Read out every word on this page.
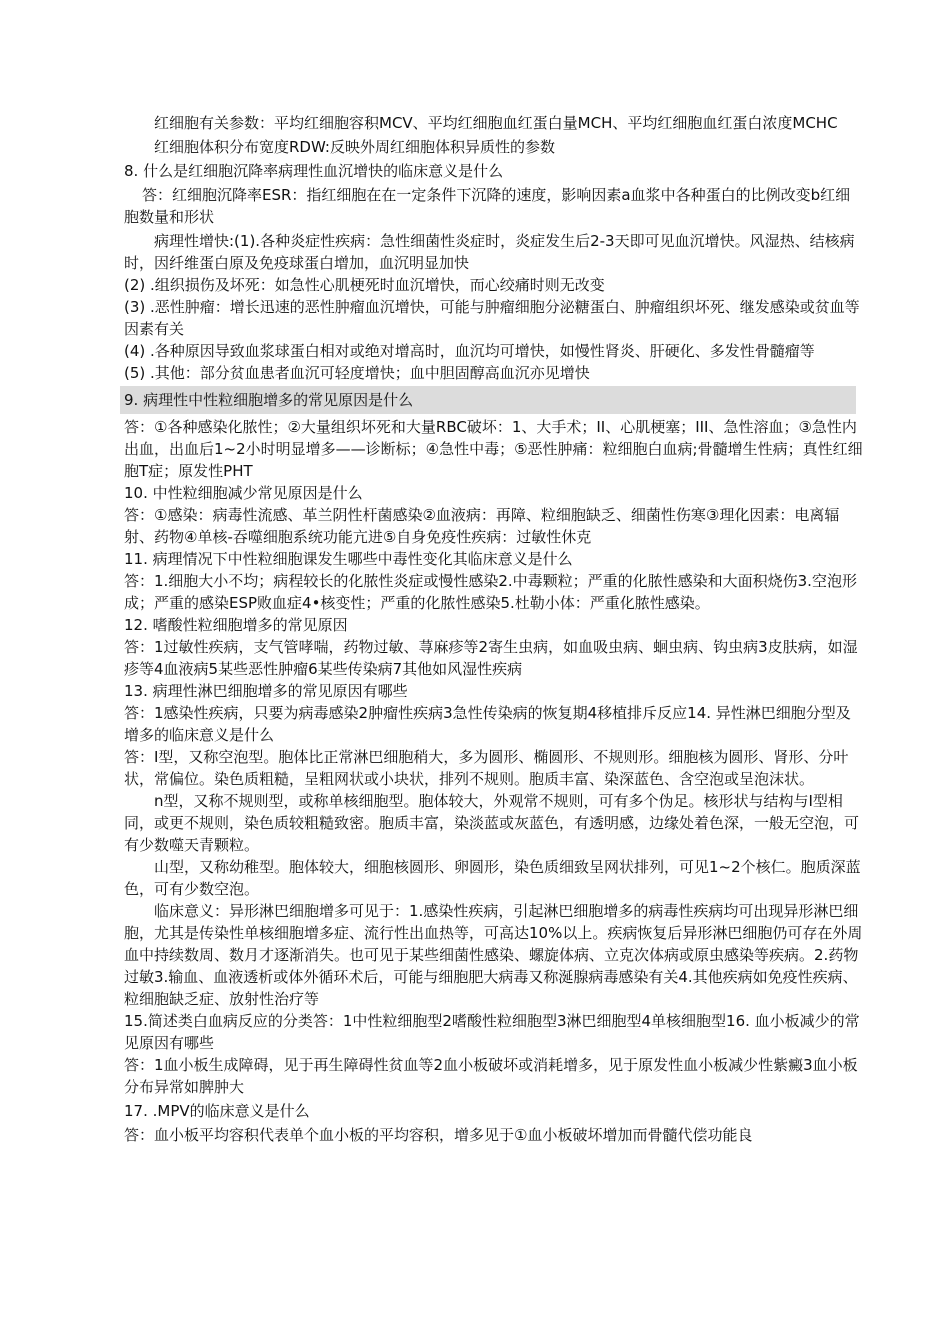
红细胞有关参数：平均红细胞容积MCV、平均红细胞血红蛋白量MCH、平均红细胞血红蛋白浓度MCHC

红细胞体积分布宽度RDW:反映外周红细胞体积异质性的参数

8. 什么是红细胞沉降率病理性血沉增快的临床意义是什么

答：红细胞沉降率ESR：指红细胞在在一定条件下沉降的速度，影响因素a血浆中各种蛋白的比例改变b红细胞数量和形状

病理性增快:(1).各种炎症性疾病：急性细菌性炎症时，炎症发生后2-3天即可见血沉增快。风湿热、结核病时，因纤维蛋白原及免疫球蛋白增加，血沉明显加快

(2) .组织损伤及坏死：如急性心肌梗死时血沉增快，而心绞痛时则无改变

(3) .恶性肿瘤：增长迅速的恶性肿瘤血沉增快，可能与肿瘤细胞分泌糖蛋白、肿瘤组织坏死、继发感染或贫血等因素有关

(4) .各种原因导致血浆球蛋白相对或绝对增高时，血沉均可增快，如慢性肾炎、肝硬化、多发性骨髓瘤等

(5) .其他：部分贫血患者血沉可轻度增快；血中胆固醇高血沉亦见增快

9. 病理性中性粒细胞增多的常见原因是什么

答：①各种感染化脓性；②大量组织坏死和大量RBC破坏：1、大手术；II、心肌梗塞；III、急性溶血；③急性内出血，出血后1~2小时明显增多——诊断标；④急性中毒；⑤恶性肿痛：粒细胞白血病;骨髓增生性病；真性红细胞T症；原发性PHT

10. 中性粒细胞减少常见原因是什么

答：①感染：病毒性流感、革兰阴性杆菌感染②血液病：再障、粒细胞缺乏、细菌性伤寒③理化因素：电离辐射、药物④单核-吞噬细胞系统功能亢进⑤自身免疫性疾病：过敏性休克

11. 病理情况下中性粒细胞课发生哪些中毒性变化其临床意义是什么

答：1.细胞大小不均；病程较长的化脓性炎症或慢性感染2.中毒颗粒；严重的化脓性感染和大面积烧伤3.空泡形成；严重的感染ESP败血症4•核变性；严重的化脓性感染5.杜勒小体：严重化脓性感染。

12. 嗜酸性粒细胞增多的常见原因

答：1过敏性疾病，支气管哮喘，药物过敏、荨麻疹等2寄生虫病，如血吸虫病、蛔虫病、钩虫病3皮肤病，如湿疹等4血液病5某些恶性肿瘤6某些传染病7其他如风湿性疾病

13. 病理性淋巴细胞增多的常见原因有哪些

答：1感染性疾病，只要为病毒感染2肿瘤性疾病3急性传染病的恢复期4移植排斥反应14. 异性淋巴细胞分型及增多的临床意义是什么

答：I型，又称空泡型。胞体比正常淋巴细胞稍大，多为圆形、椭圆形、不规则形。细胞核为圆形、肾形、分叶状，常偏位。染色质粗糙，呈粗网状或小块状，排列不规则。胞质丰富、染深蓝色、含空泡或呈泡沫状。

n型，又称不规则型，或称单核细胞型。胞体较大，外观常不规则，可有多个伪足。核形状与结构与I型相同，或更不规则，染色质较粗糙致密。胞质丰富，染淡蓝或灰蓝色，有透明感，边缘处着色深，一般无空泡，可有少数噬天青颗粒。

山型，又称幼稚型。胞体较大，细胞核圆形、卵圆形，染色质细致呈网状排列，可见1~2个核仁。胞质深蓝色，可有少数空泡。

临床意义：异形淋巴细胞增多可见于：1.感染性疾病，引起淋巴细胞增多的病毒性疾病均可出现异形淋巴细胞，尤其是传染性单核细胞增多症、流行性出血热等，可高达10%以上。疾病恢复后异形淋巴细胞仍可存在外周血中持续数周、数月才逐渐消失。也可见于某些细菌性感染、螺旋体病、立克次体病或原虫感染等疾病。2.药物过敏3.输血、血液透析或体外循环术后，可能与细胞肥大病毒又称涎腺病毒感染有关4.其他疾病如免疫性疾病、粒细胞缺乏症、放射性治疗等

15.简述类白血病反应的分类答：1中性粒细胞型2嗜酸性粒细胞型3淋巴细胞型4单核细胞型16. 血小板减少的常见原因有哪些

答：1血小板生成障碍，见于再生障碍性贫血等2血小板破坏或消耗增多，见于原发性血小板减少性紫癜3血小板分布异常如脾肿大

17. .MPV的临床意义是什么

答：血小板平均容积代表单个血小板的平均容积，增多见于①血小板破坏增加而骨髓代偿功能良
